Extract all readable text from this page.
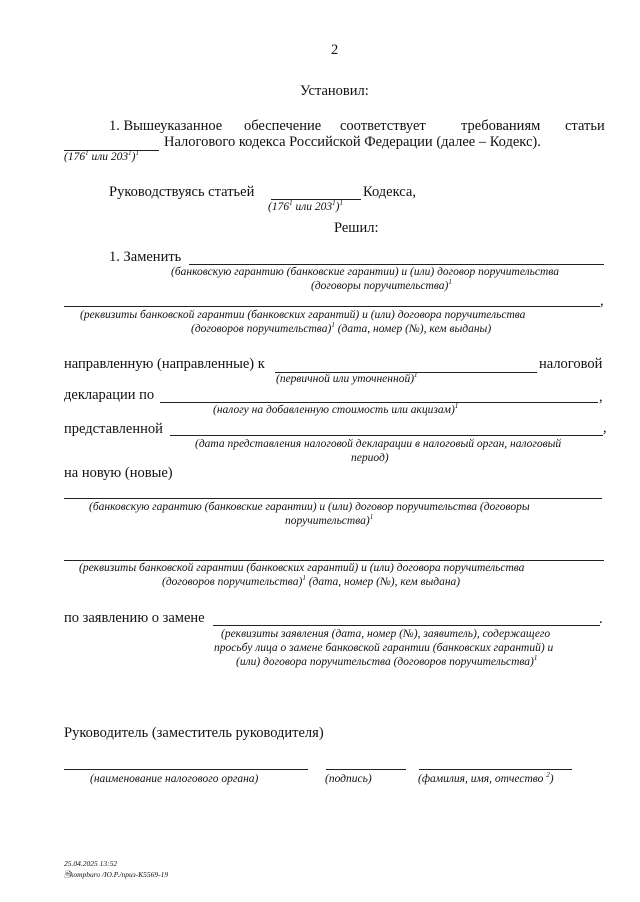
2
Установил:
1. Вышеуказанное обеспечение соответствует требованиям статьи
Налогового кодекса Российской Федерации (далее – Кодекс).
($176^1$ или $203^1)^1$
Руководствуясь статьей	Кодекса,
($176^1$ или $203^1)^1$
Решил:
1. Заменить
(банковскую гарантию (банковские гарантии) и (или) договор поручительства
(договоры поручительства)$^1$
,
(реквизиты банковской гарантии (банковских гарантий) и (или) договора поручительства
(договоров поручительства)$^1$ (дата, номер (№), кем выданы)
направленную (направленные) к	налоговой
(первичной или уточненной)$^1$
декларации по	,
(налогу на добавленную стоимость или акцизам)$^1$
представленной	,
(дата представления налоговой декларации в налоговый орган, налоговый
период)
на новую (новые)
(банковскую гарантию (банковские гарантии) и (или) договор поручительства (договоры
поручительства)$^1$
(реквизиты банковской гарантии (банковских гарантий) и (или) договора поручительства
(договоров поручительства)$^1$ (дата, номер (№), кем выдана)
по заявлению о замене	.
(реквизиты заявления (дата, номер (№), заявитель), содержащего
просьбу лица о замене банковской гарантии (банковских гарантий) и
(или) договора поручительства (договоров поручительства)$^1$
Руководитель (заместитель руководителя)
(наименование налогового органа)	(подпись)	(фамилия, имя, отчество $^2$)
25.04.2025 13:52
🗎kompburo /Ю.Р./приз-К5569-19
